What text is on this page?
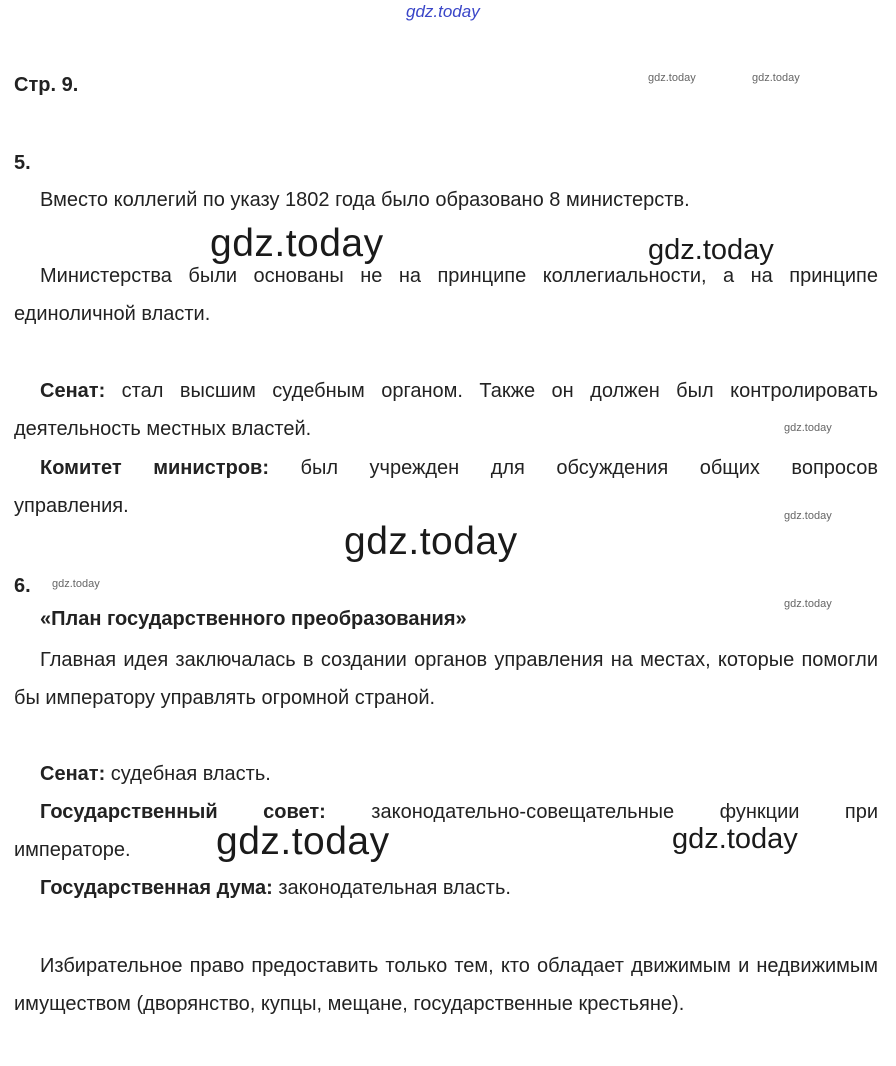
gdz.today
gdz.today	gdz.today
gdz.today	gdz.today
gdz.today
gdz.today
gdz.today
gdz.today
gdz.today
gdz.today	gdz.today
Стр. 9.
5.

Вместо коллегий по указу 1802 года было образовано 8 министерств.

Министерства были основаны не на принципе коллегиальности, а на принципе единоличной власти.

Сенат: стал высшим судебным органом. Также он должен был контролировать деятельность местных властей.

Комитет министров: был учрежден для обсуждения общих вопросов управления.

6.
«План государственного преобразования»

Главная идея заключалась в создании органов управления на местах, которые помогли бы императору управлять огромной страной.

Сенат: судебная власть.

Государственный совет: законодательно-совещательные функции при императоре.

Государственная дума: законодательная власть.

Избирательное право предоставить только тем, кто обладает движимым и недвижимым имуществом (дворянство, купцы, мещане, государственные крестьяне).
